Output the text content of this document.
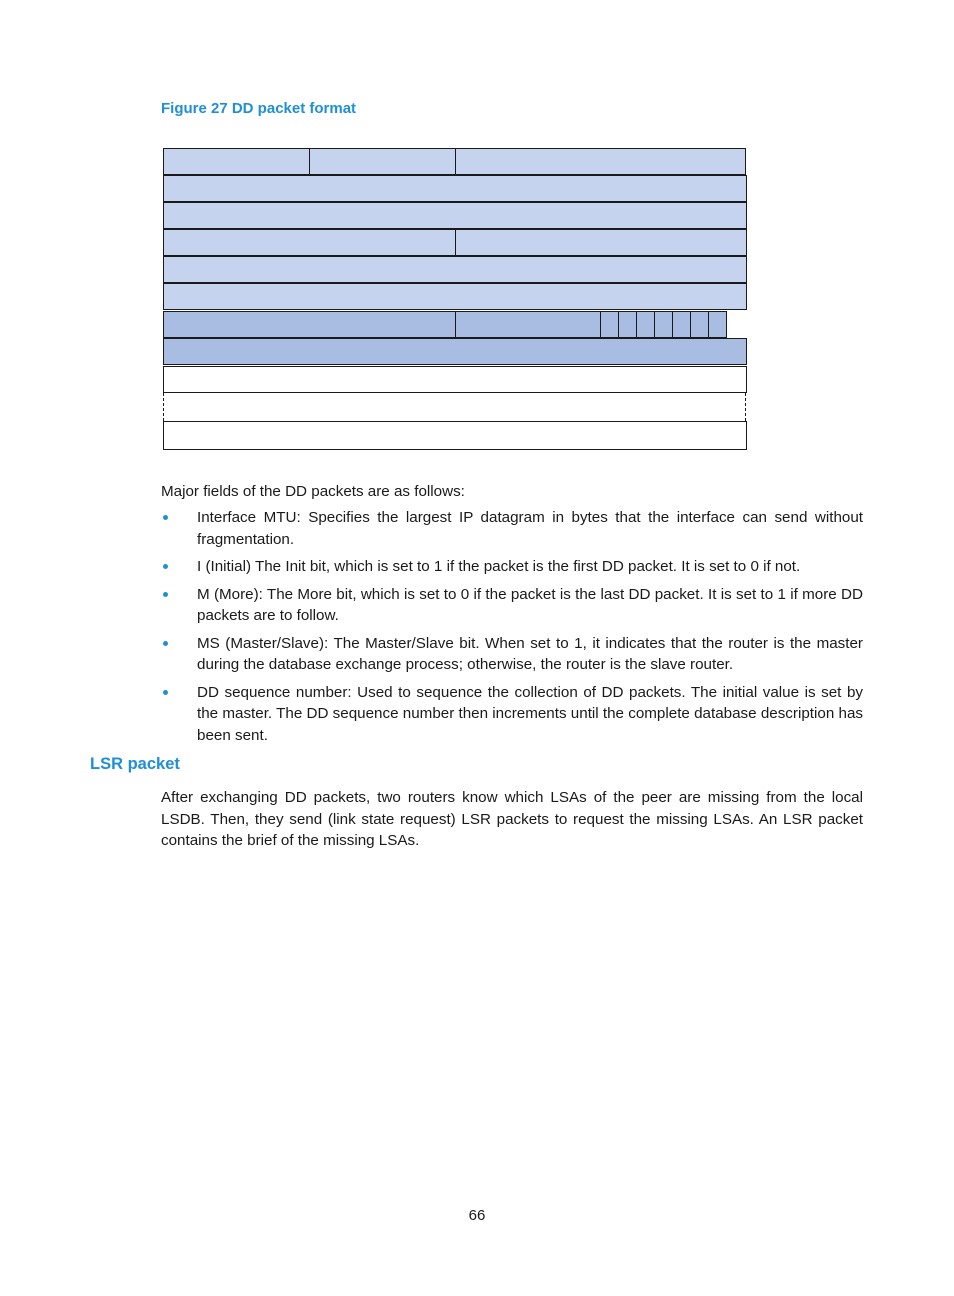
Figure 27 DD packet format
Major fields of the DD packets are as follows:
Interface MTU: Specifies the largest IP datagram in bytes that the interface can send without fragmentation.
I (Initial) The Init bit, which is set to 1 if the packet is the first DD packet. It is set to 0 if not.
M (More): The More bit, which is set to 0 if the packet is the last DD packet. It is set to 1 if more DD packets are to follow.
MS (Master/Slave): The Master/Slave bit. When set to 1, it indicates that the router is the master during the database exchange process; otherwise, the router is the slave router.
DD sequence number: Used to sequence the collection of DD packets. The initial value is set by the master. The DD sequence number then increments until the complete database description has been sent.
LSR packet
After exchanging DD packets, two routers know which LSAs of the peer are missing from the local LSDB. Then, they send (link state request) LSR packets to request the missing LSAs. An LSR packet contains the brief of the missing LSAs.
66
